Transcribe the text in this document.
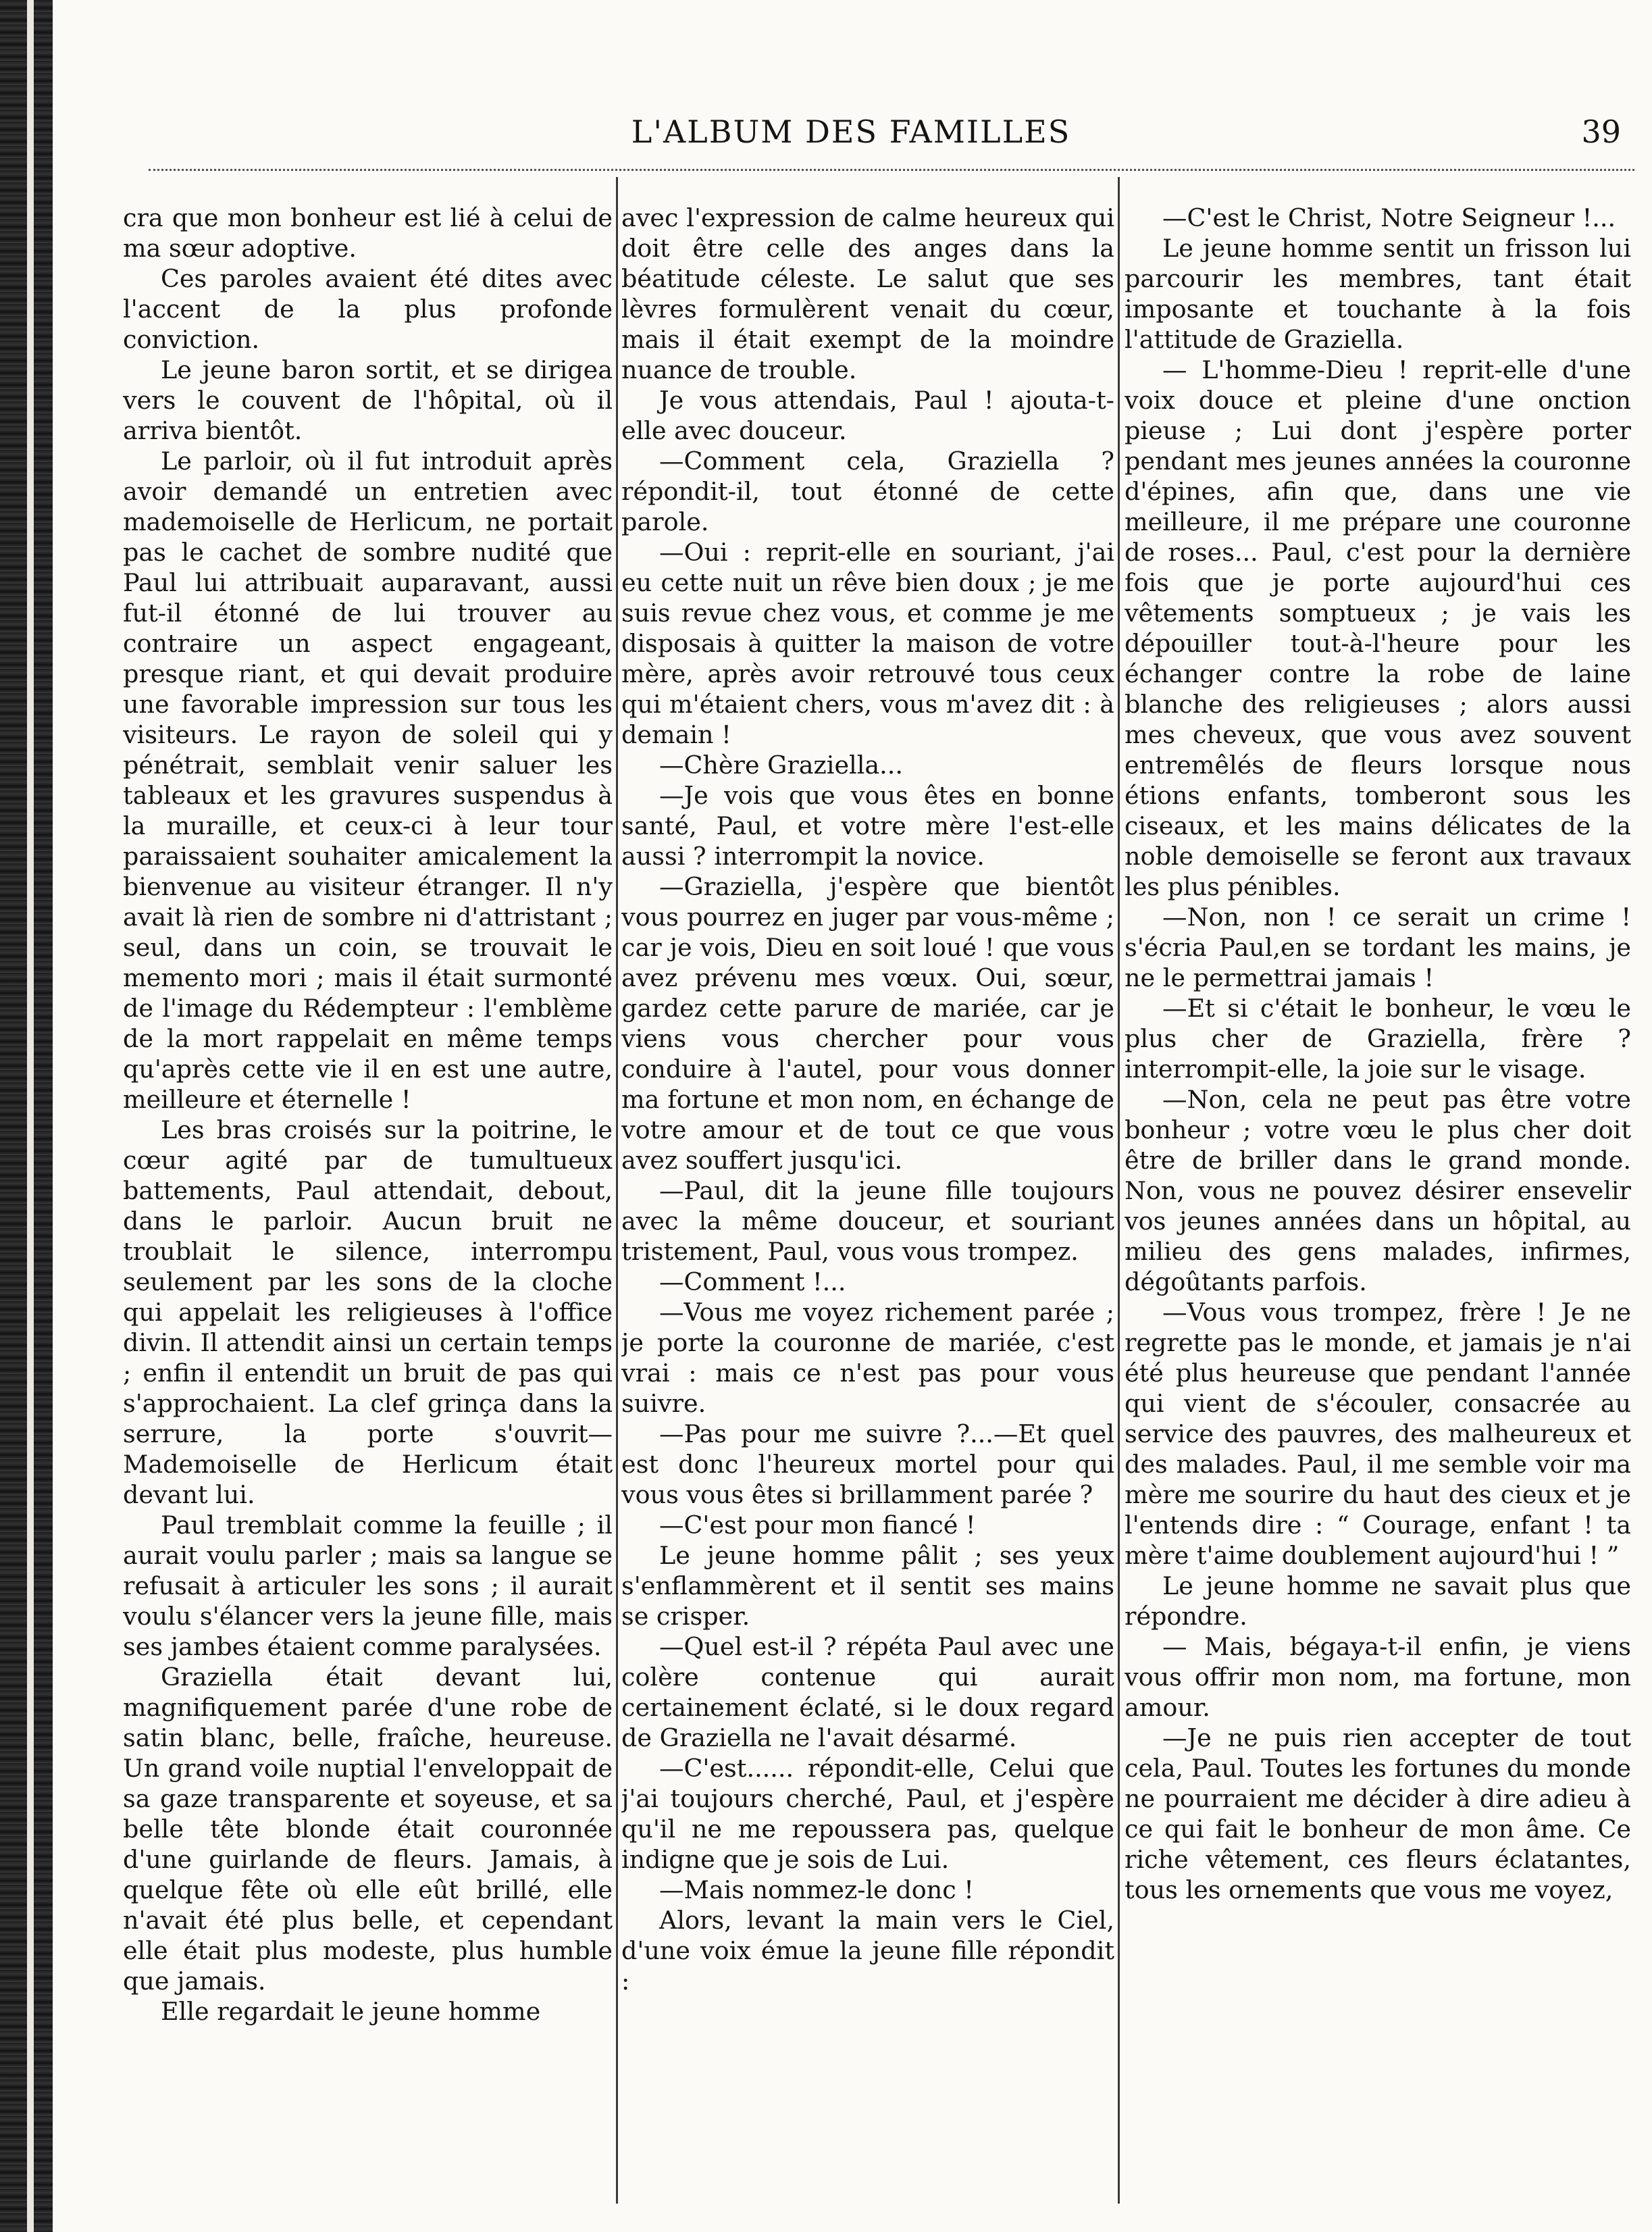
L'ALBUM DES FAMILLES	39

cra que mon bonheur est lié à celui de ma sœur adoptive.

Ces paroles avaient été dites avec l'accent de la plus profonde conviction.

Le jeune baron sortit, et se dirigea vers le couvent de l'hôpital, où il arriva bientôt.

Le parloir, où il fut introduit après avoir demandé un entretien avec mademoiselle de Herlicum, ne portait pas le cachet de sombre nudité que Paul lui attribuait auparavant, aussi fut-il étonné de lui trouver au contraire un aspect engageant, presque riant, et qui devait produire une favorable impression sur tous les visiteurs. Le rayon de soleil qui y pénétrait, semblait venir saluer les tableaux et les gravures suspendus à la muraille, et ceux-ci à leur tour paraissaient souhaiter amicalement la bienvenue au visiteur étranger. Il n'y avait là rien de sombre ni d'attristant ; seul, dans un coin, se trouvait le memento mori ; mais il était surmonté de l'image du Rédempteur : l'emblème de la mort rappelait en même temps qu'après cette vie il en est une autre, meilleure et éternelle !

Les bras croisés sur la poitrine, le cœur agité par de tumultueux battements, Paul attendait, debout, dans le parloir. Aucun bruit ne troublait le silence, interrompu seulement par les sons de la cloche qui appelait les religieuses à l'office divin. Il attendit ainsi un certain temps ; enfin il entendit un bruit de pas qui s'approchaient. La clef grinça dans la serrure, la porte s'ouvrit—Mademoiselle de Herlicum était devant lui.

Paul tremblait comme la feuille ; il aurait voulu parler ; mais sa langue se refusait à articuler les sons ; il aurait voulu s'élancer vers la jeune fille, mais ses jambes étaient comme paralysées.

Graziella était devant lui, magnifiquement parée d'une robe de satin blanc, belle, fraîche, heureuse. Un grand voile nuptial l'enveloppait de sa gaze transparente et soyeuse, et sa belle tête blonde était couronnée d'une guirlande de fleurs. Jamais, à quelque fête où elle eût brillé, elle n'avait été plus belle, et cependant elle était plus modeste, plus humble que jamais.

Elle regardait le jeune homme

avec l'expression de calme heureux qui doit être celle des anges dans la béatitude céleste. Le salut que ses lèvres formulèrent venait du cœur, mais il était exempt de la moindre nuance de trouble.

Je vous attendais, Paul ! ajouta-t-elle avec douceur.

—Comment cela, Graziella ? répondit-il, tout étonné de cette parole.

—Oui : reprit-elle en souriant, j'ai eu cette nuit un rêve bien doux ; je me suis revue chez vous, et comme je me disposais à quitter la maison de votre mère, après avoir retrouvé tous ceux qui m'étaient chers, vous m'avez dit : à demain !

—Chère Graziella...

—Je vois que vous êtes en bonne santé, Paul, et votre mère l'est-elle aussi ? interrompit la novice.

—Graziella, j'espère que bientôt vous pourrez en juger par vous-même ; car je vois, Dieu en soit loué ! que vous avez prévenu mes vœux. Oui, sœur, gardez cette parure de mariée, car je viens vous chercher pour vous conduire à l'autel, pour vous donner ma fortune et mon nom, en échange de votre amour et de tout ce que vous avez souffert jusqu'ici.

—Paul, dit la jeune fille toujours avec la même douceur, et souriant tristement, Paul, vous vous trompez.

—Comment !...

—Vous me voyez richement parée ; je porte la couronne de mariée, c'est vrai : mais ce n'est pas pour vous suivre.

—Pas pour me suivre ?...—Et quel est donc l'heureux mortel pour qui vous vous êtes si brillamment parée ?

—C'est pour mon fiancé !

Le jeune homme pâlit ; ses yeux s'enflammèrent et il sentit ses mains se crisper.

—Quel est-il ? répéta Paul avec une colère contenue qui aurait certainement éclaté, si le doux regard de Graziella ne l'avait désarmé.

—C'est...... répondit-elle, Celui que j'ai toujours cherché, Paul, et j'espère qu'il ne me repoussera pas, quelque indigne que je sois de Lui.

—Mais nommez-le donc !

Alors, levant la main vers le Ciel, d'une voix émue la jeune fille répondit :

—C'est le Christ, Notre Seigneur !...

Le jeune homme sentit un frisson lui parcourir les membres, tant était imposante et touchante à la fois l'attitude de Graziella.

— L'homme-Dieu ! reprit-elle d'une voix douce et pleine d'une onction pieuse ; Lui dont j'espère porter pendant mes jeunes années la couronne d'épines, afin que, dans une vie meilleure, il me prépare une couronne de roses... Paul, c'est pour la dernière fois que je porte aujourd'hui ces vêtements somptueux ; je vais les dépouiller tout-à-l'heure pour les échanger contre la robe de laine blanche des religieuses ; alors aussi mes cheveux, que vous avez souvent entremêlés de fleurs lorsque nous étions enfants, tomberont sous les ciseaux, et les mains délicates de la noble demoiselle se feront aux travaux les plus pénibles.

—Non, non ! ce serait un crime ! s'écria Paul,en se tordant les mains, je ne le permettrai jamais !

—Et si c'était le bonheur, le vœu le plus cher de Graziella, frère ? interrompit-elle, la joie sur le visage.

—Non, cela ne peut pas être votre bonheur ; votre vœu le plus cher doit être de briller dans le grand monde. Non, vous ne pouvez désirer ensevelir vos jeunes années dans un hôpital, au milieu des gens malades, infirmes, dégoûtants parfois.

—Vous vous trompez, frère ! Je ne regrette pas le monde, et jamais je n'ai été plus heureuse que pendant l'année qui vient de s'écouler, consacrée au service des pauvres, des malheureux et des malades. Paul, il me semble voir ma mère me sourire du haut des cieux et je l'entends dire : “ Courage, enfant ! ta mère t'aime doublement aujourd'hui ! ”

Le jeune homme ne savait plus que répondre.

— Mais, bégaya-t-il enfin, je viens vous offrir mon nom, ma fortune, mon amour.

—Je ne puis rien accepter de tout cela, Paul. Toutes les fortunes du monde ne pourraient me décider à dire adieu à ce qui fait le bonheur de mon âme. Ce riche vêtement, ces fleurs éclatantes, tous les ornements que vous me voyez,
